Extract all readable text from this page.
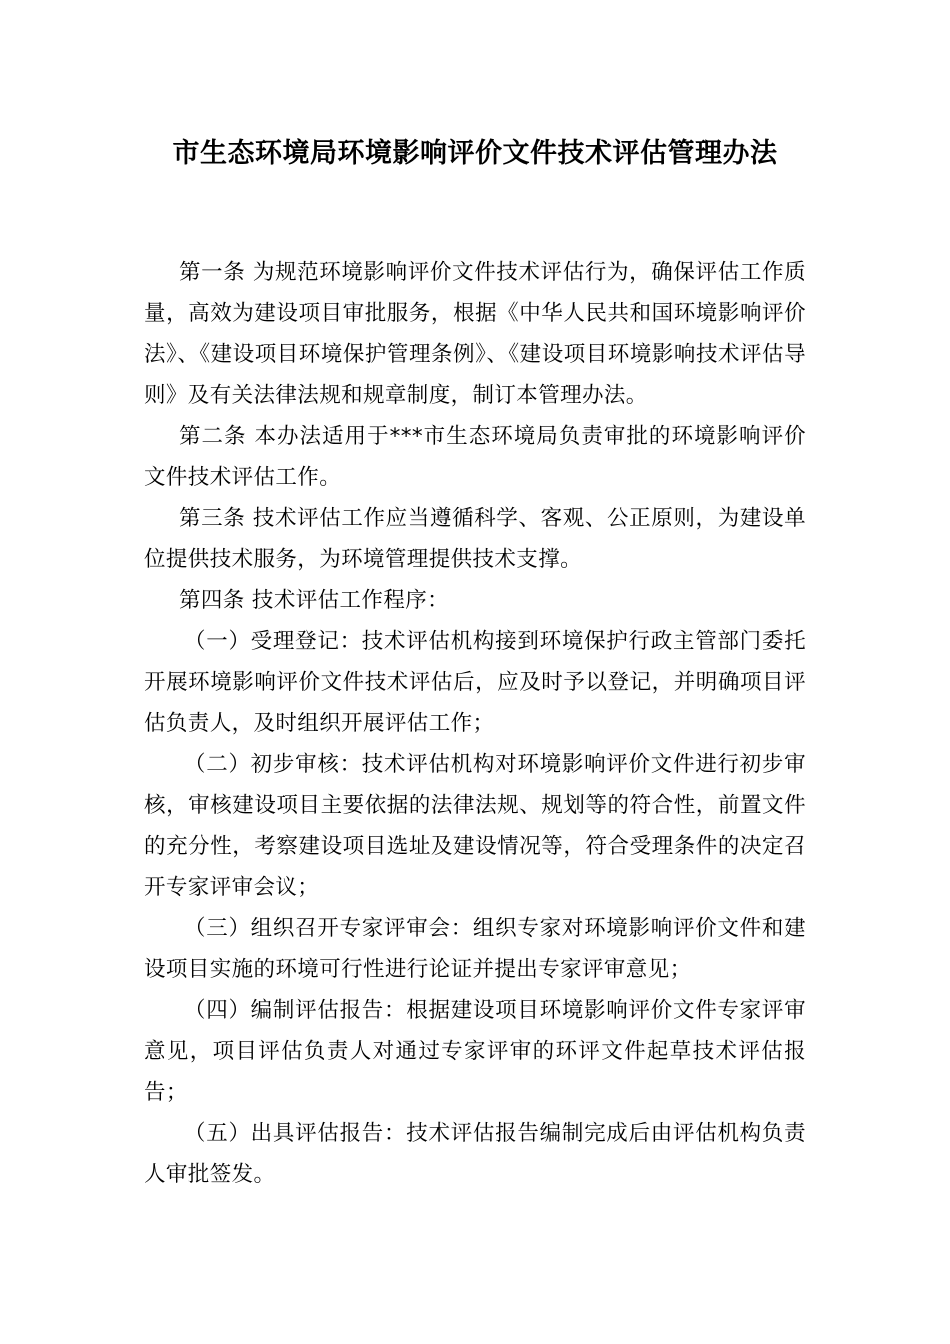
市生态环境局环境影响评价文件技术评估管理办法

第一条 为规范环境影响评价文件技术评估行为，确保评估工作质量，高效为建设项目审批服务，根据《中华人民共和国环境影响评价法》、《建设项目环境保护管理条例》、《建设项目环境影响技术评估导则》及有关法律法规和规章制度，制订本管理办法。

第二条 本办法适用于***市生态环境局负责审批的环境影响评价文件技术评估工作。

第三条 技术评估工作应当遵循科学、客观、公正原则，为建设单位提供技术服务，为环境管理提供技术支撑。

第四条 技术评估工作程序：

（一）受理登记：技术评估机构接到环境保护行政主管部门委托开展环境影响评价文件技术评估后，应及时予以登记，并明确项目评估负责人，及时组织开展评估工作；

（二）初步审核：技术评估机构对环境影响评价文件进行初步审核，审核建设项目主要依据的法律法规、规划等的符合性，前置文件的充分性，考察建设项目选址及建设情况等，符合受理条件的决定召开专家评审会议；

（三）组织召开专家评审会：组织专家对环境影响评价文件和建设项目实施的环境可行性进行论证并提出专家评审意见；

（四）编制评估报告：根据建设项目环境影响评价文件专家评审意见，项目评估负责人对通过专家评审的环评文件起草技术评估报告；

（五）出具评估报告：技术评估报告编制完成后由评估机构负责人审批签发。
